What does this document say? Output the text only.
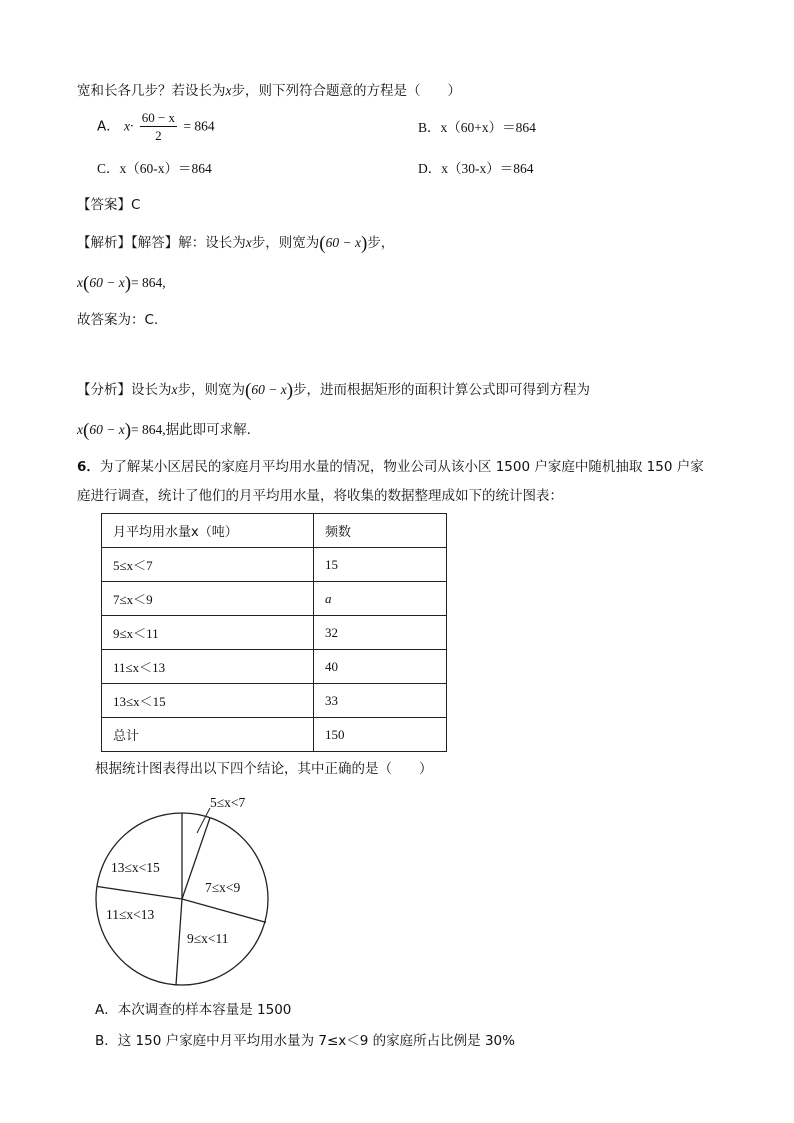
宽和长各几步？若设长为x步，则下列符合题意的方程是（　　）
A． $x\cdot \frac{60 - x}{2} = 864$	B．x（60+x）＝864
C．x（60-x）＝864	D．x（30-x）＝864
【答案】C
【解析】【解答】解：设长为x步，则宽为(60 − x)步，
x(60 − x)= 864,
故答案为：C.
【分析】设长为x步，则宽为(60 − x)步，进而根据矩形的面积计算公式即可得到方程为
x(60 − x)= 864,据此即可求解.
6．为了解某小区居民的家庭月平均用水量的情况，物业公司从该小区 1500 户家庭中随机抽取 150 户家
庭进行调查，统计了他们的月平均用水量，将收集的数据整理成如下的统计图表：
月平均用水量x（吨）	频数
5≤x＜7	15
7≤x＜9	a
9≤x＜11	32
11≤x＜13	40
13≤x＜15	33
总计	150
根据统计图表得出以下四个结论，其中正确的是（　　）
5≤x<7
7≤x<9
9≤x<11
11≤x<13
13≤x<15
A．本次调查的样本容量是 1500
B．这 150 户家庭中月平均用水量为 7≤x＜9 的家庭所占比例是 30%
